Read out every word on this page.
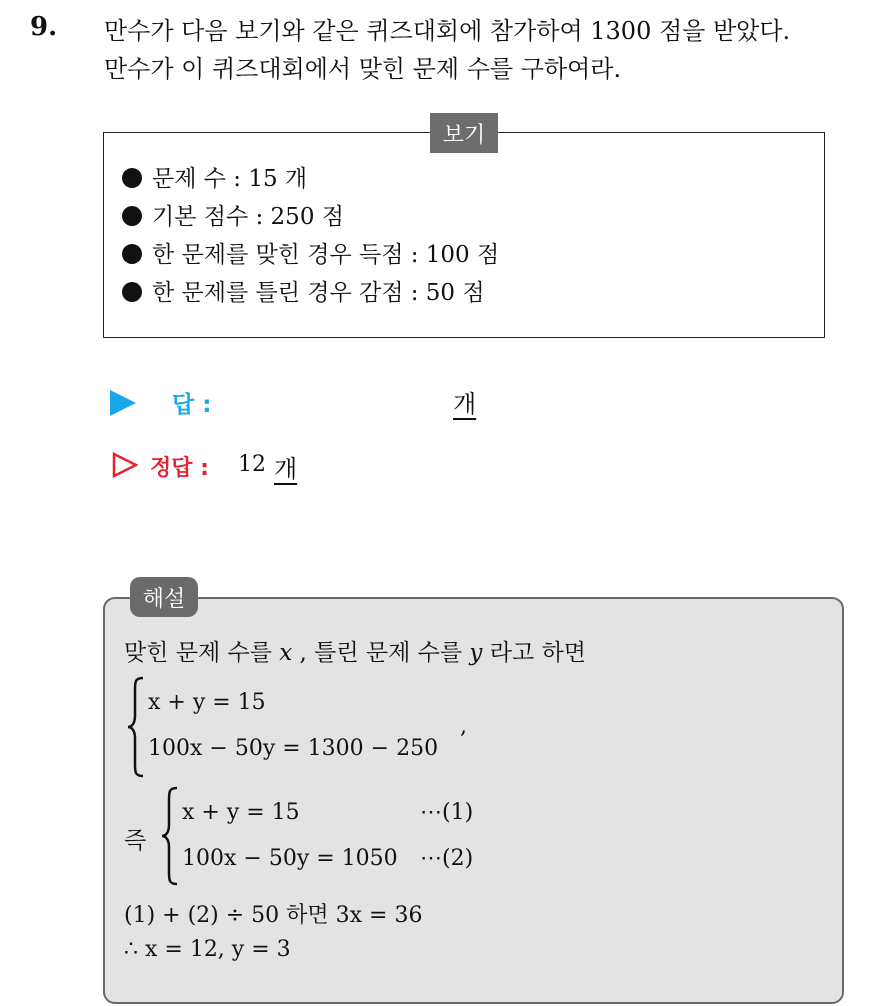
9. 만수가 다음 보기와 같은 퀴즈대회에 참가하여 1300 점을 받았다.
만수가 이 퀴즈대회에서 맞힌 문제 수를 구하여라.
보기
문제 수 : 15 개
기본 점수 : 250 점
한 문제를 맞힌 경우 득점 : 100 점
한 문제를 틀린 경우 감점 : 50 점
답 :	개
정답 : 12 개
해설
맞힌 문제 수를 x , 틀린 문제 수를 y 라고 하면
x + y = 15
100x − 50y = 1300 − 250
,
즉
x + y = 15	⋯(1)
100x − 50y = 1050 ⋯(2)
(1) + (2) ÷ 50 하면 3x = 36
∴ x = 12, y = 3
